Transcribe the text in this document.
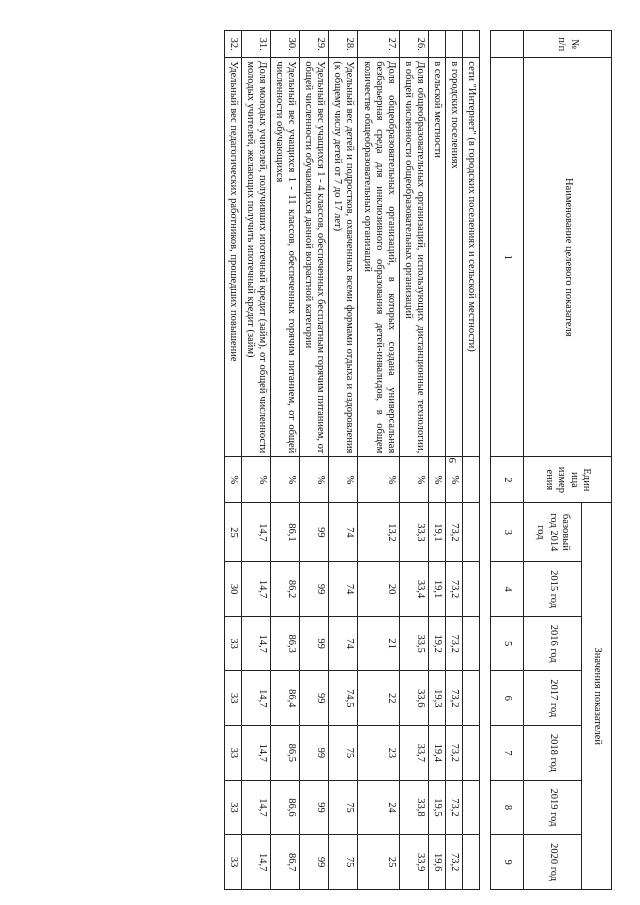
9
№ п/п	Наименование целевого показателя	Един ица измер ения	Значения показателей						
			базовый год 2014 год	2015 год	2016 год	2017 год	2018 год	2019 год	2020 год
	1	2	3	4	5	6	7	8	9

	сети "Интернет" (в городских поселениях и сельской местности)								
	в городских поселениях	%	73,2	73,2	73,2	73,2	73,2	73,2	73,2
	в сельской местности	%	19,1	19,1	19,2	19,3	19,4	19,5	19,6
26.	Доля общеобразовательных организаций, использующих дистанционные технологии, в общей численности общеобразовательных организаций	%	33,3	33,4	33,5	33,6	33,7	33,8	33,9
27.	Доля общеобразовательных организаций, в которых создана универсальная безбарьерная среда для инклюзивного образования детей-инвалидов, в общем количестве общеобразовательных организаций	%	13,2	20	21	22	23	24	25
28.	Удельный вес детей и подростков, охваченных всеми формами отдыха и оздоровления (к общему числу детей от 7 до 17 лет)	%	74	74	74	74,5	75	75	75
29.	Удельный вес учащихся 1 - 4 классов, обеспеченных бесплатным горячим питанием, от общей численности обучающихся данной возрастной категории	%	99	99	99	99	99	99	99
30.	Удельный вес учащихся 1 - 11 классов, обеспеченных горячим питанием, от общей численности обучающихся	%	86,1	86,2	86,3	86,4	86,5	86,6	86,7
31.	Доля молодых учителей, получивших ипотечный кредит (займ), от общей численности молодых учителей, желающих получить ипотечный кредит (займ)	%	14,7	14,7	14,7	14,7	14,7	14,7	14,7
32.	Удельный вес педагогических работников, прошедших повышение	%	25	30	33	33	33	33	33
